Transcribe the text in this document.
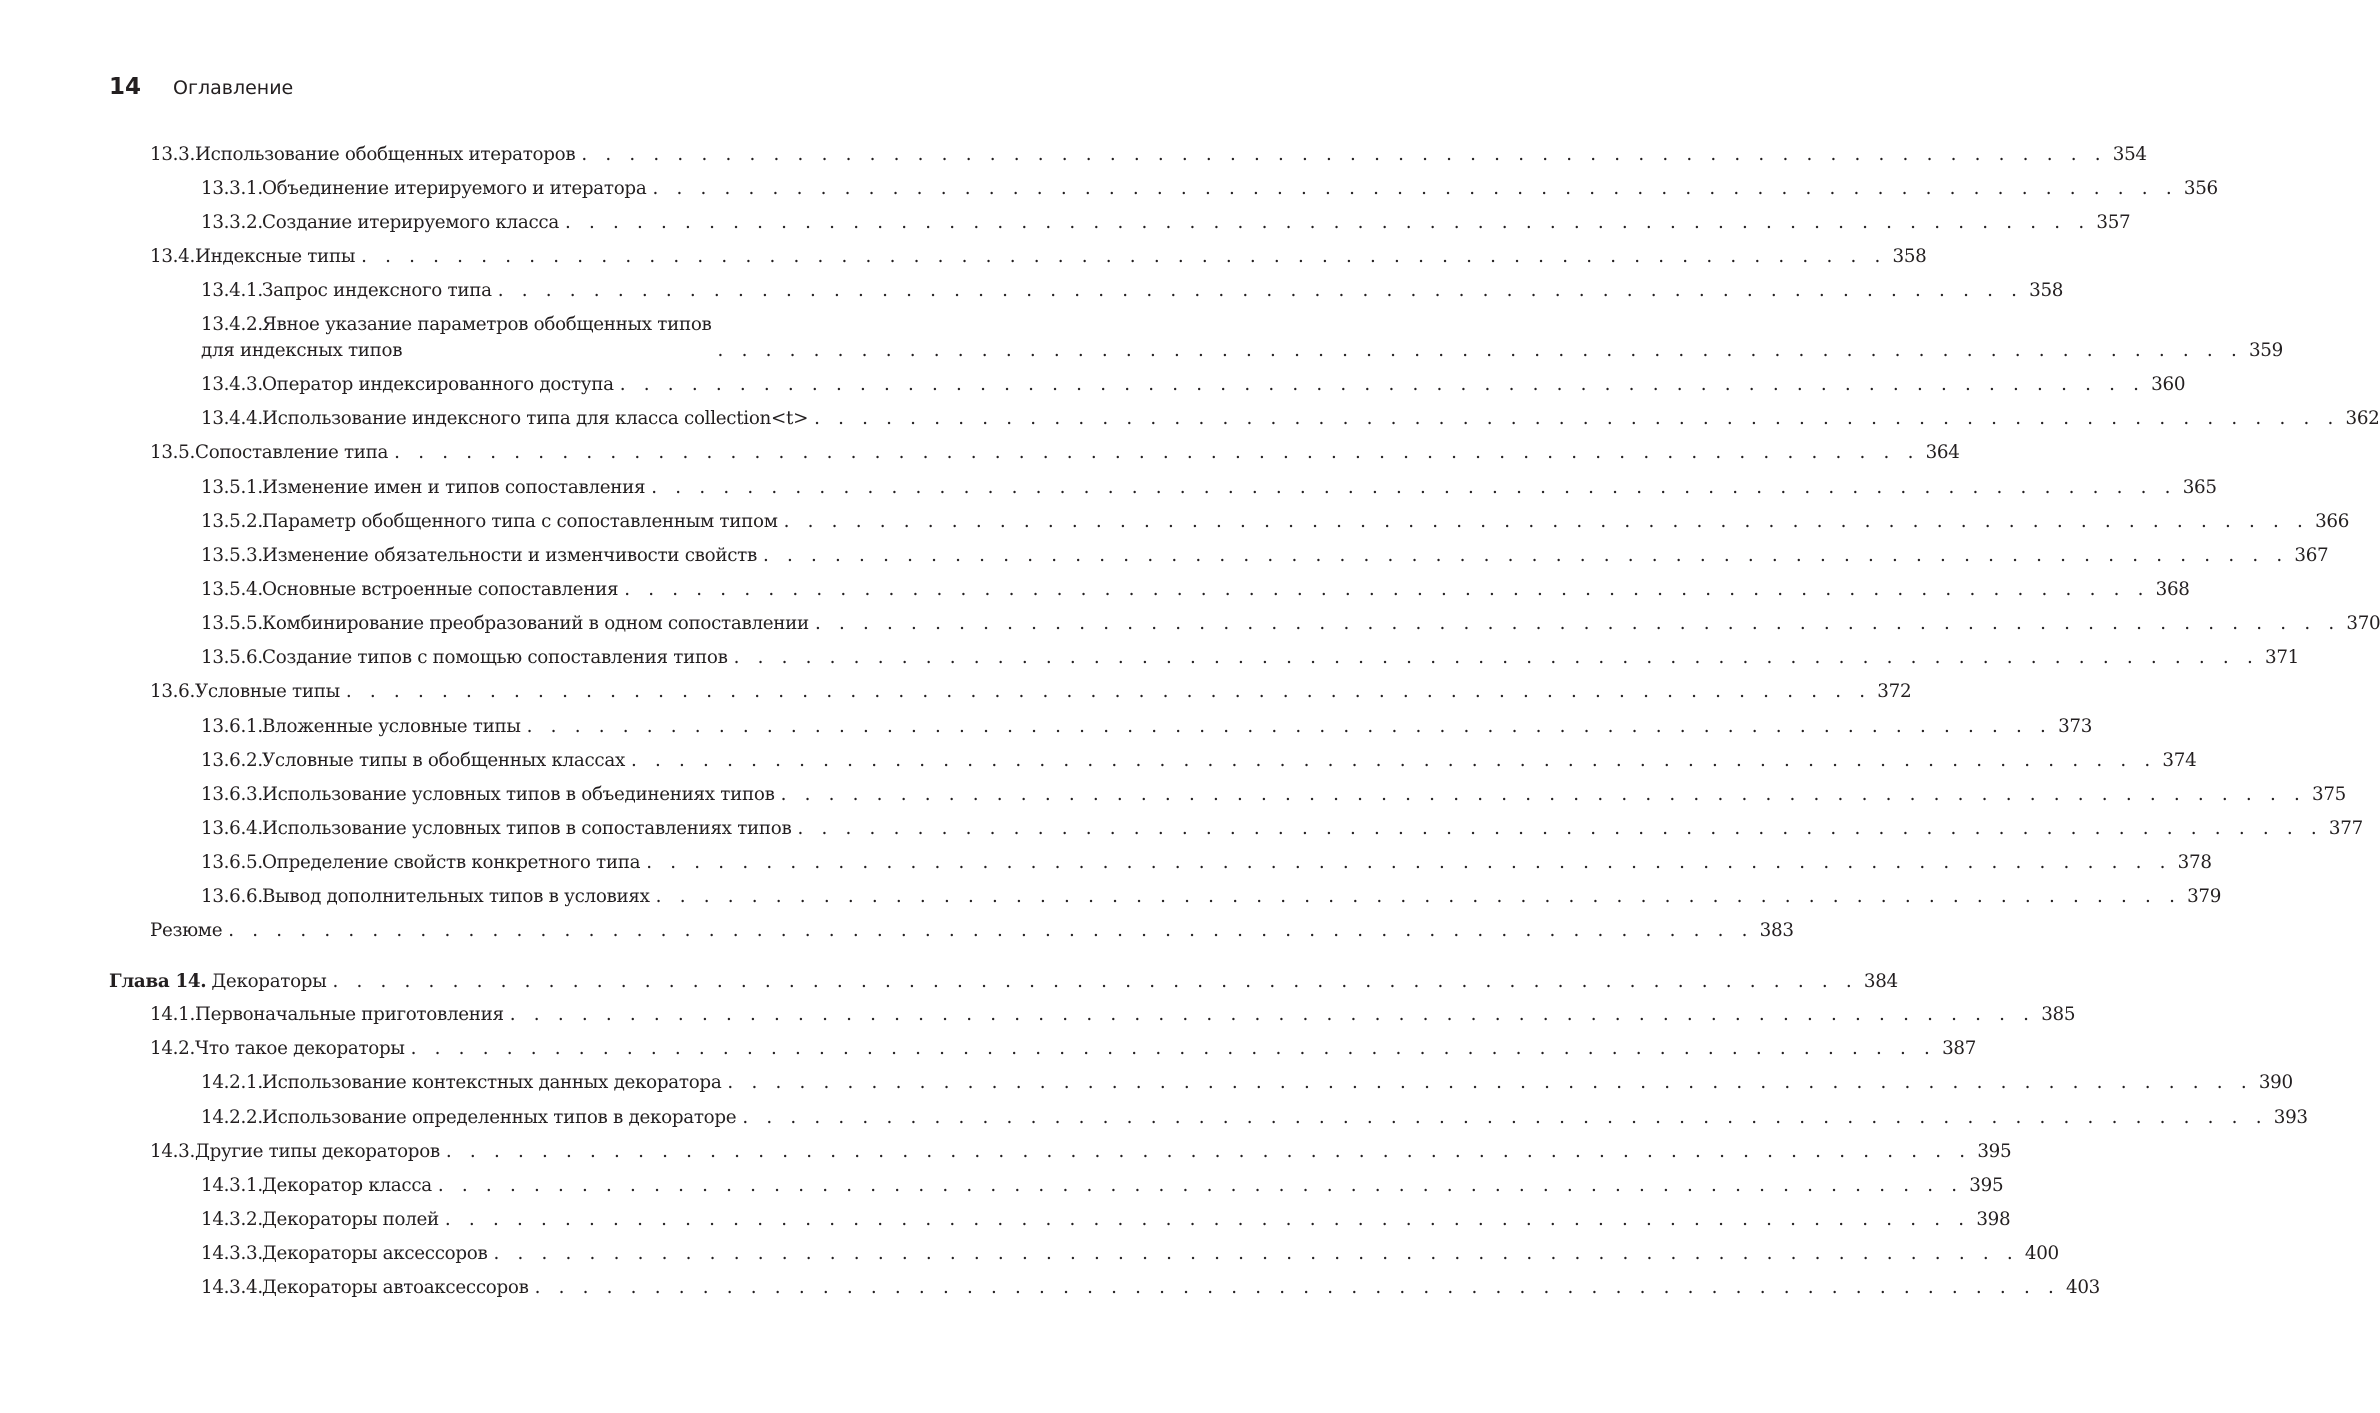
14 Оглавление
13.3.Использование обобщенных итераторов . . . . . . . . . . . . . . . . . . . . . . . . . . . . . . . . . . . . . . . . . . . . . . . . . . . . . . . . . . . . . . . . 354
13.3.1.Объединение итерируемого и итератора . . . . . . . . . . . . . . . . . . . . . . . . . . . . . . . . . . . . . . . . . . . . . . . . . . . . . . . . . . . . . . . . 356
13.3.2.Создание итерируемого класса . . . . . . . . . . . . . . . . . . . . . . . . . . . . . . . . . . . . . . . . . . . . . . . . . . . . . . . . . . . . . . . . 357
13.4.Индексные типы . . . . . . . . . . . . . . . . . . . . . . . . . . . . . . . . . . . . . . . . . . . . . . . . . . . . . . . . . . . . . . . . 358
13.4.1.Запрос индексного типа . . . . . . . . . . . . . . . . . . . . . . . . . . . . . . . . . . . . . . . . . . . . . . . . . . . . . . . . . . . . . . . . 358
13.4.2.Явное указание параметров обобщенных типов
для индексных типов	. . . . . . . . . . . . . . . . . . . . . . . . . . . . . . . . . . . . . . . . . . . . . . . . . . . . . . . . . . . . . . . . 359
13.4.3.Оператор индексированного доступа . . . . . . . . . . . . . . . . . . . . . . . . . . . . . . . . . . . . . . . . . . . . . . . . . . . . . . . . . . . . . . . . 360
13.4.4.Использование индексного типа для класса collection<t> . . . . . . . . . . . . . . . . . . . . . . . . . . . . . . . . . . . . . . . . . . . . . . . . . . . . . . . . . . . . . . . . 362
13.5.Сопоставление типа . . . . . . . . . . . . . . . . . . . . . . . . . . . . . . . . . . . . . . . . . . . . . . . . . . . . . . . . . . . . . . . . 364
13.5.1.Изменение имен и типов сопоставления . . . . . . . . . . . . . . . . . . . . . . . . . . . . . . . . . . . . . . . . . . . . . . . . . . . . . . . . . . . . . . . . 365
13.5.2.Параметр обобщенного типа с сопоставленным типом . . . . . . . . . . . . . . . . . . . . . . . . . . . . . . . . . . . . . . . . . . . . . . . . . . . . . . . . . . . . . . . . 366
13.5.3.Изменение обязательности и изменчивости свойств . . . . . . . . . . . . . . . . . . . . . . . . . . . . . . . . . . . . . . . . . . . . . . . . . . . . . . . . . . . . . . . . 367
13.5.4.Основные встроенные сопоставления . . . . . . . . . . . . . . . . . . . . . . . . . . . . . . . . . . . . . . . . . . . . . . . . . . . . . . . . . . . . . . . . 368
13.5.5.Комбинирование преобразований в одном сопоставлении . . . . . . . . . . . . . . . . . . . . . . . . . . . . . . . . . . . . . . . . . . . . . . . . . . . . . . . . . . . . . . . . 370
13.5.6.Создание типов с помощью сопоставления типов . . . . . . . . . . . . . . . . . . . . . . . . . . . . . . . . . . . . . . . . . . . . . . . . . . . . . . . . . . . . . . . . 371
13.6.Условные типы . . . . . . . . . . . . . . . . . . . . . . . . . . . . . . . . . . . . . . . . . . . . . . . . . . . . . . . . . . . . . . . . 372
13.6.1.Вложенные условные типы . . . . . . . . . . . . . . . . . . . . . . . . . . . . . . . . . . . . . . . . . . . . . . . . . . . . . . . . . . . . . . . . 373
13.6.2.Условные типы в обобщенных классах . . . . . . . . . . . . . . . . . . . . . . . . . . . . . . . . . . . . . . . . . . . . . . . . . . . . . . . . . . . . . . . . 374
13.6.3.Использование условных типов в объединениях типов . . . . . . . . . . . . . . . . . . . . . . . . . . . . . . . . . . . . . . . . . . . . . . . . . . . . . . . . . . . . . . . . 375
13.6.4.Использование условных типов в сопоставлениях типов . . . . . . . . . . . . . . . . . . . . . . . . . . . . . . . . . . . . . . . . . . . . . . . . . . . . . . . . . . . . . . . . 377
13.6.5.Определение свойств конкретного типа . . . . . . . . . . . . . . . . . . . . . . . . . . . . . . . . . . . . . . . . . . . . . . . . . . . . . . . . . . . . . . . . 378
13.6.6.Вывод дополнительных типов в условиях . . . . . . . . . . . . . . . . . . . . . . . . . . . . . . . . . . . . . . . . . . . . . . . . . . . . . . . . . . . . . . . . 379
Резюме . . . . . . . . . . . . . . . . . . . . . . . . . . . . . . . . . . . . . . . . . . . . . . . . . . . . . . . . . . . . . . . . 383
Глава 14. Декораторы . . . . . . . . . . . . . . . . . . . . . . . . . . . . . . . . . . . . . . . . . . . . . . . . . . . . . . . . . . . . . . . . 384
14.1.Первоначальные приготовления . . . . . . . . . . . . . . . . . . . . . . . . . . . . . . . . . . . . . . . . . . . . . . . . . . . . . . . . . . . . . . . . 385
14.2.Что такое декораторы . . . . . . . . . . . . . . . . . . . . . . . . . . . . . . . . . . . . . . . . . . . . . . . . . . . . . . . . . . . . . . . . 387
14.2.1.Использование контекстных данных декоратора . . . . . . . . . . . . . . . . . . . . . . . . . . . . . . . . . . . . . . . . . . . . . . . . . . . . . . . . . . . . . . . . 390
14.2.2.Использование определенных типов в декораторе . . . . . . . . . . . . . . . . . . . . . . . . . . . . . . . . . . . . . . . . . . . . . . . . . . . . . . . . . . . . . . . . 393
14.3.Другие типы декораторов . . . . . . . . . . . . . . . . . . . . . . . . . . . . . . . . . . . . . . . . . . . . . . . . . . . . . . . . . . . . . . . . 395
14.3.1.Декоратор класса . . . . . . . . . . . . . . . . . . . . . . . . . . . . . . . . . . . . . . . . . . . . . . . . . . . . . . . . . . . . . . . . 395
14.3.2.Декораторы полей . . . . . . . . . . . . . . . . . . . . . . . . . . . . . . . . . . . . . . . . . . . . . . . . . . . . . . . . . . . . . . . . 398
14.3.3.Декораторы аксессоров . . . . . . . . . . . . . . . . . . . . . . . . . . . . . . . . . . . . . . . . . . . . . . . . . . . . . . . . . . . . . . . . 400
14.3.4.Декораторы автоаксессоров . . . . . . . . . . . . . . . . . . . . . . . . . . . . . . . . . . . . . . . . . . . . . . . . . . . . . . . . . . . . . . . . 403
